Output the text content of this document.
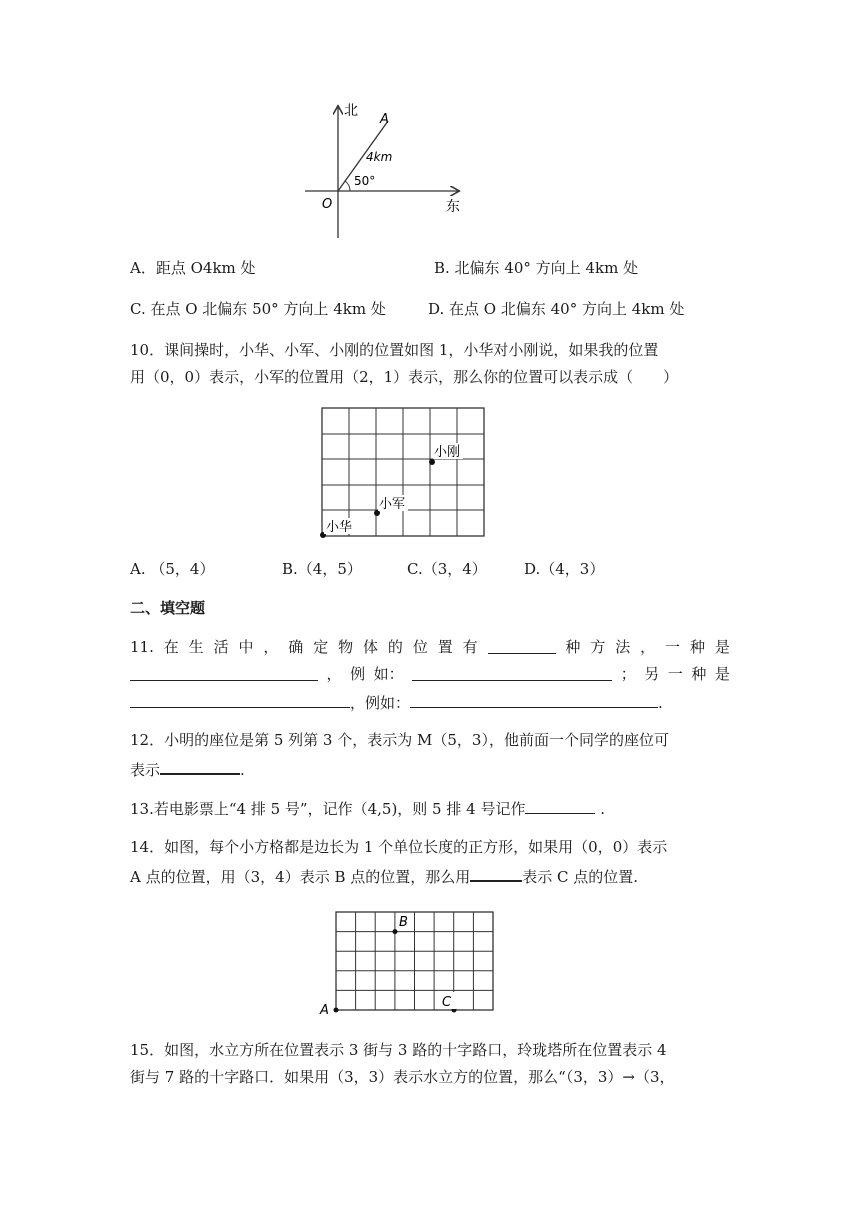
北
东
O
A
4km
50°
A．距点 O4km 处	B. 北偏东 40° 方向上 4km 处
C. 在点 O 北偏东 50° 方向上 4km 处	D. 在点 O 北偏东 40° 方向上 4km 处
10．课间操时，小华、小军、小刚的位置如图 1，小华对小刚说，如果我的位置
用（0，0）表示，小军的位置用（2，1）表示，那么你的位置可以表示成（　　）
小华
小军
小刚
A. （5，4）	B.（4，5）	C.（3，4） D.（4，3）
二、填空题
11. 在 生 活 中 ， 确 定 物 体 的 位 置 有	种 方 法 ， 一 种 是
， 例 如：	； 另 一 种 是
，例如：	.
12．小明的座位是第 5 列第 3 个，表示为 M（5，3），他前面一个同学的座位可
表示	.
13.若电影票上“4 排 5 号”，记作（4,5)，则 5 排 4 号记作	.
14．如图，每个小方格都是边长为 1 个单位长度的正方形，如果用（0，0）表示
A 点的位置，用（3，4）表示 B 点的位置，那么用	表示 C 点的位置.
A
B
C
15．如图，水立方所在位置表示 3 街与 3 路的十字路口，玲珑塔所在位置表示 4
街与 7 路的十字路口．如果用（3，3）表示水立方的位置，那么“（3，3）→（3，
